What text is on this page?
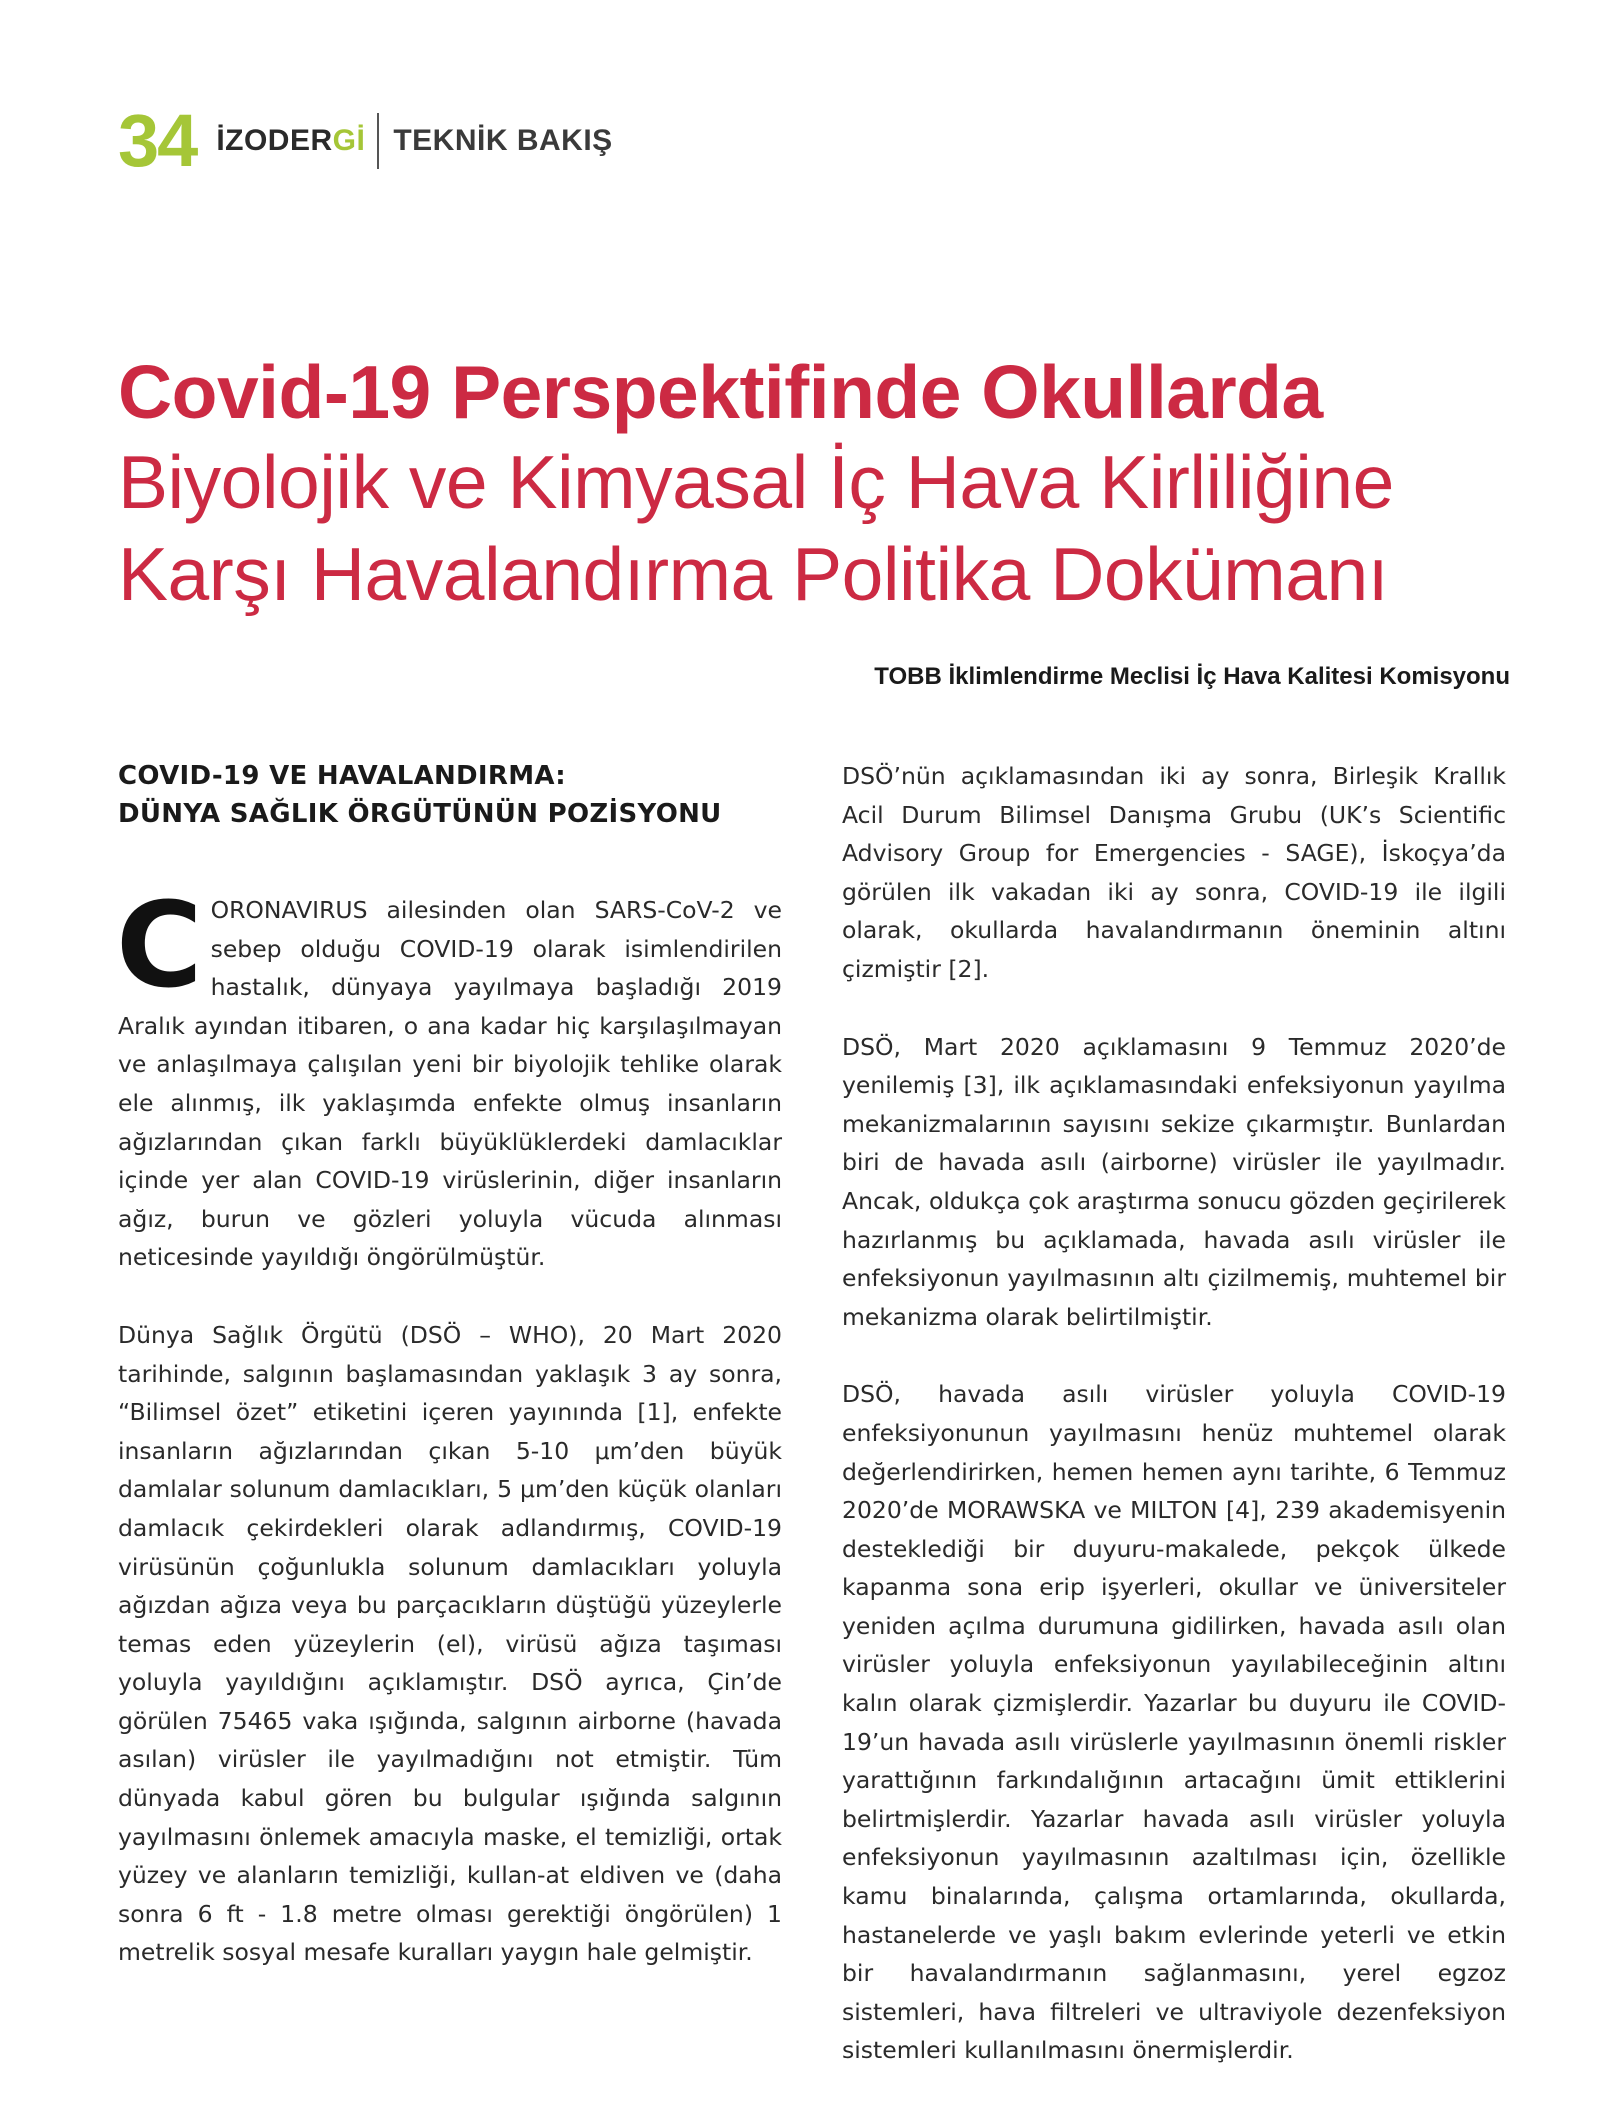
34 İZODERGİ TEKNİK BAKIŞ
Covid-19 Perspektifinde Okullarda
Biyolojik ve Kimyasal İç Hava Kirliliğine
Karşı Havalandırma Politika Dokümanı
TOBB İklimlendirme Meclisi İç Hava Kalitesi Komisyonu
COVID-19 VE HAVALANDIRMA:
DÜNYA SAĞLIK ÖRGÜTÜNÜN POZİSYONU

CORONAVIRUS ailesinden olan SARS-CoV-2 ve sebep olduğu COVID-19 olarak isimlendirilen hastalık, dünyaya yayılmaya başladığı 2019 Aralık ayından itibaren, o ana kadar hiç karşılaşılmayan ve anlaşılmaya çalışılan yeni bir biyolojik tehlike olarak ele alınmış, ilk yaklaşımda enfekte olmuş insanların ağızlarından çıkan farklı büyüklüklerdeki damlacıklar içinde yer alan COVID-19 virüslerinin, diğer insanların ağız, burun ve gözleri yoluyla vücuda alınması neticesinde yayıldığı öngörülmüştür.

Dünya Sağlık Örgütü (DSÖ – WHO), 20 Mart 2020 tarihinde, salgının başlamasından yaklaşık 3 ay sonra, “Bilimsel özet” etiketini içeren yayınında [1], enfekte insanların ağızlarından çıkan 5-10 μm’den büyük damlalar solunum damlacıkları, 5 μm’den küçük olanları damlacık çekirdekleri olarak adlandırmış, COVID-19 virüsünün çoğunlukla solunum damlacıkları yoluyla ağızdan ağıza veya bu parçacıkların düştüğü yüzeylerle temas eden yüzeylerin (el), virüsü ağıza taşıması yoluyla yayıldığını açıklamıştır. DSÖ ayrıca, Çin’de görülen 75465 vaka ışığında, salgının airborne (havada asılan) virüsler ile yayılmadığını not etmiştir. Tüm dünyada kabul gören bu bulgular ışığında salgının yayılmasını önlemek amacıyla maske, el temizliği, ortak yüzey ve alanların temizliği, kullan-at eldiven ve (daha sonra 6 ft - 1.8 metre olması gerektiği öngörülen) 1 metrelik sosyal mesafe kuralları yaygın hale gelmiştir.

DSÖ’nün açıklamasından iki ay sonra, Birleşik Krallık Acil Durum Bilimsel Danışma Grubu (UK’s Scientific Advisory Group for Emergencies - SAGE), İskoçya’da görülen ilk vakadan iki ay sonra, COVID-19 ile ilgili olarak, okullarda havalandırmanın öneminin altını çizmiştir [2].

DSÖ, Mart 2020 açıklamasını 9 Temmuz 2020’de yenilemiş [3], ilk açıklamasındaki enfeksiyonun yayılma mekanizmalarının sayısını sekize çıkarmıştır. Bunlardan biri de havada asılı (airborne) virüsler ile yayılmadır. Ancak, oldukça çok araştırma sonucu gözden geçirilerek hazırlanmış bu açıklamada, havada asılı virüsler ile enfeksiyonun yayılmasının altı çizilmemiş, muhtemel bir mekanizma olarak belirtilmiştir.

DSÖ, havada asılı virüsler yoluyla COVID-19 enfeksiyonunun yayılmasını henüz muhtemel olarak değerlendirirken, hemen hemen aynı tarihte, 6 Temmuz 2020’de MORAWSKA ve MILTON [4], 239 akademisyenin desteklediği bir duyuru-makalede, pekçok ülkede kapanma sona erip işyerleri, okullar ve üniversiteler yeniden açılma durumuna gidilirken, havada asılı olan virüsler yoluyla enfeksiyonun yayılabileceğinin altını kalın olarak çizmişlerdir. Yazarlar bu duyuru ile COVID-19’un havada asılı virüslerle yayılmasının önemli riskler yarattığının farkındalığının artacağını ümit ettiklerini belirtmişlerdir. Yazarlar havada asılı virüsler yoluyla enfeksiyonun yayılmasının azaltılması için, özellikle kamu binalarında, çalışma ortamlarında, okullarda, hastanelerde ve yaşlı bakım evlerinde yeterli ve etkin bir havalandırmanın sağlanmasını, yerel egzoz sistemleri, hava filtreleri ve ultraviyole dezenfeksiyon sistemleri kullanılmasını önermişlerdir.
